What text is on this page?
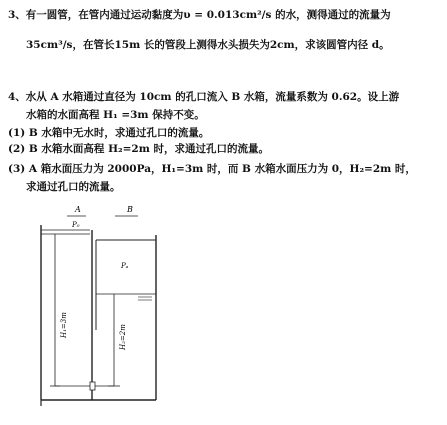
3、有一圆管，在管内通过运动黏度为υ = 0.013cm²/s 的水，测得通过的流量为
35cm³/s，在管长15m 长的管段上测得水头损失为2cm，求该圆管内径 d。
4、水从 A 水箱通过直径为 10cm 的孔口流入 B 水箱，流量系数为 0.62。设上游
水箱的水面高程 H₁ =3m 保持不变。
(1) B 水箱中无水时，求通过孔口的流量。
(2) B 水箱水面高程 H₂=2m 时，求通过孔口的流量。
(3) A 箱水面压力为 2000Pa，H₁=3m 时，而 B 水箱水面压力为 0，H₂=2m 时，
求通过孔口的流量。
A	B
P₀
Pₐ
H₁=3m	H₂=2m
